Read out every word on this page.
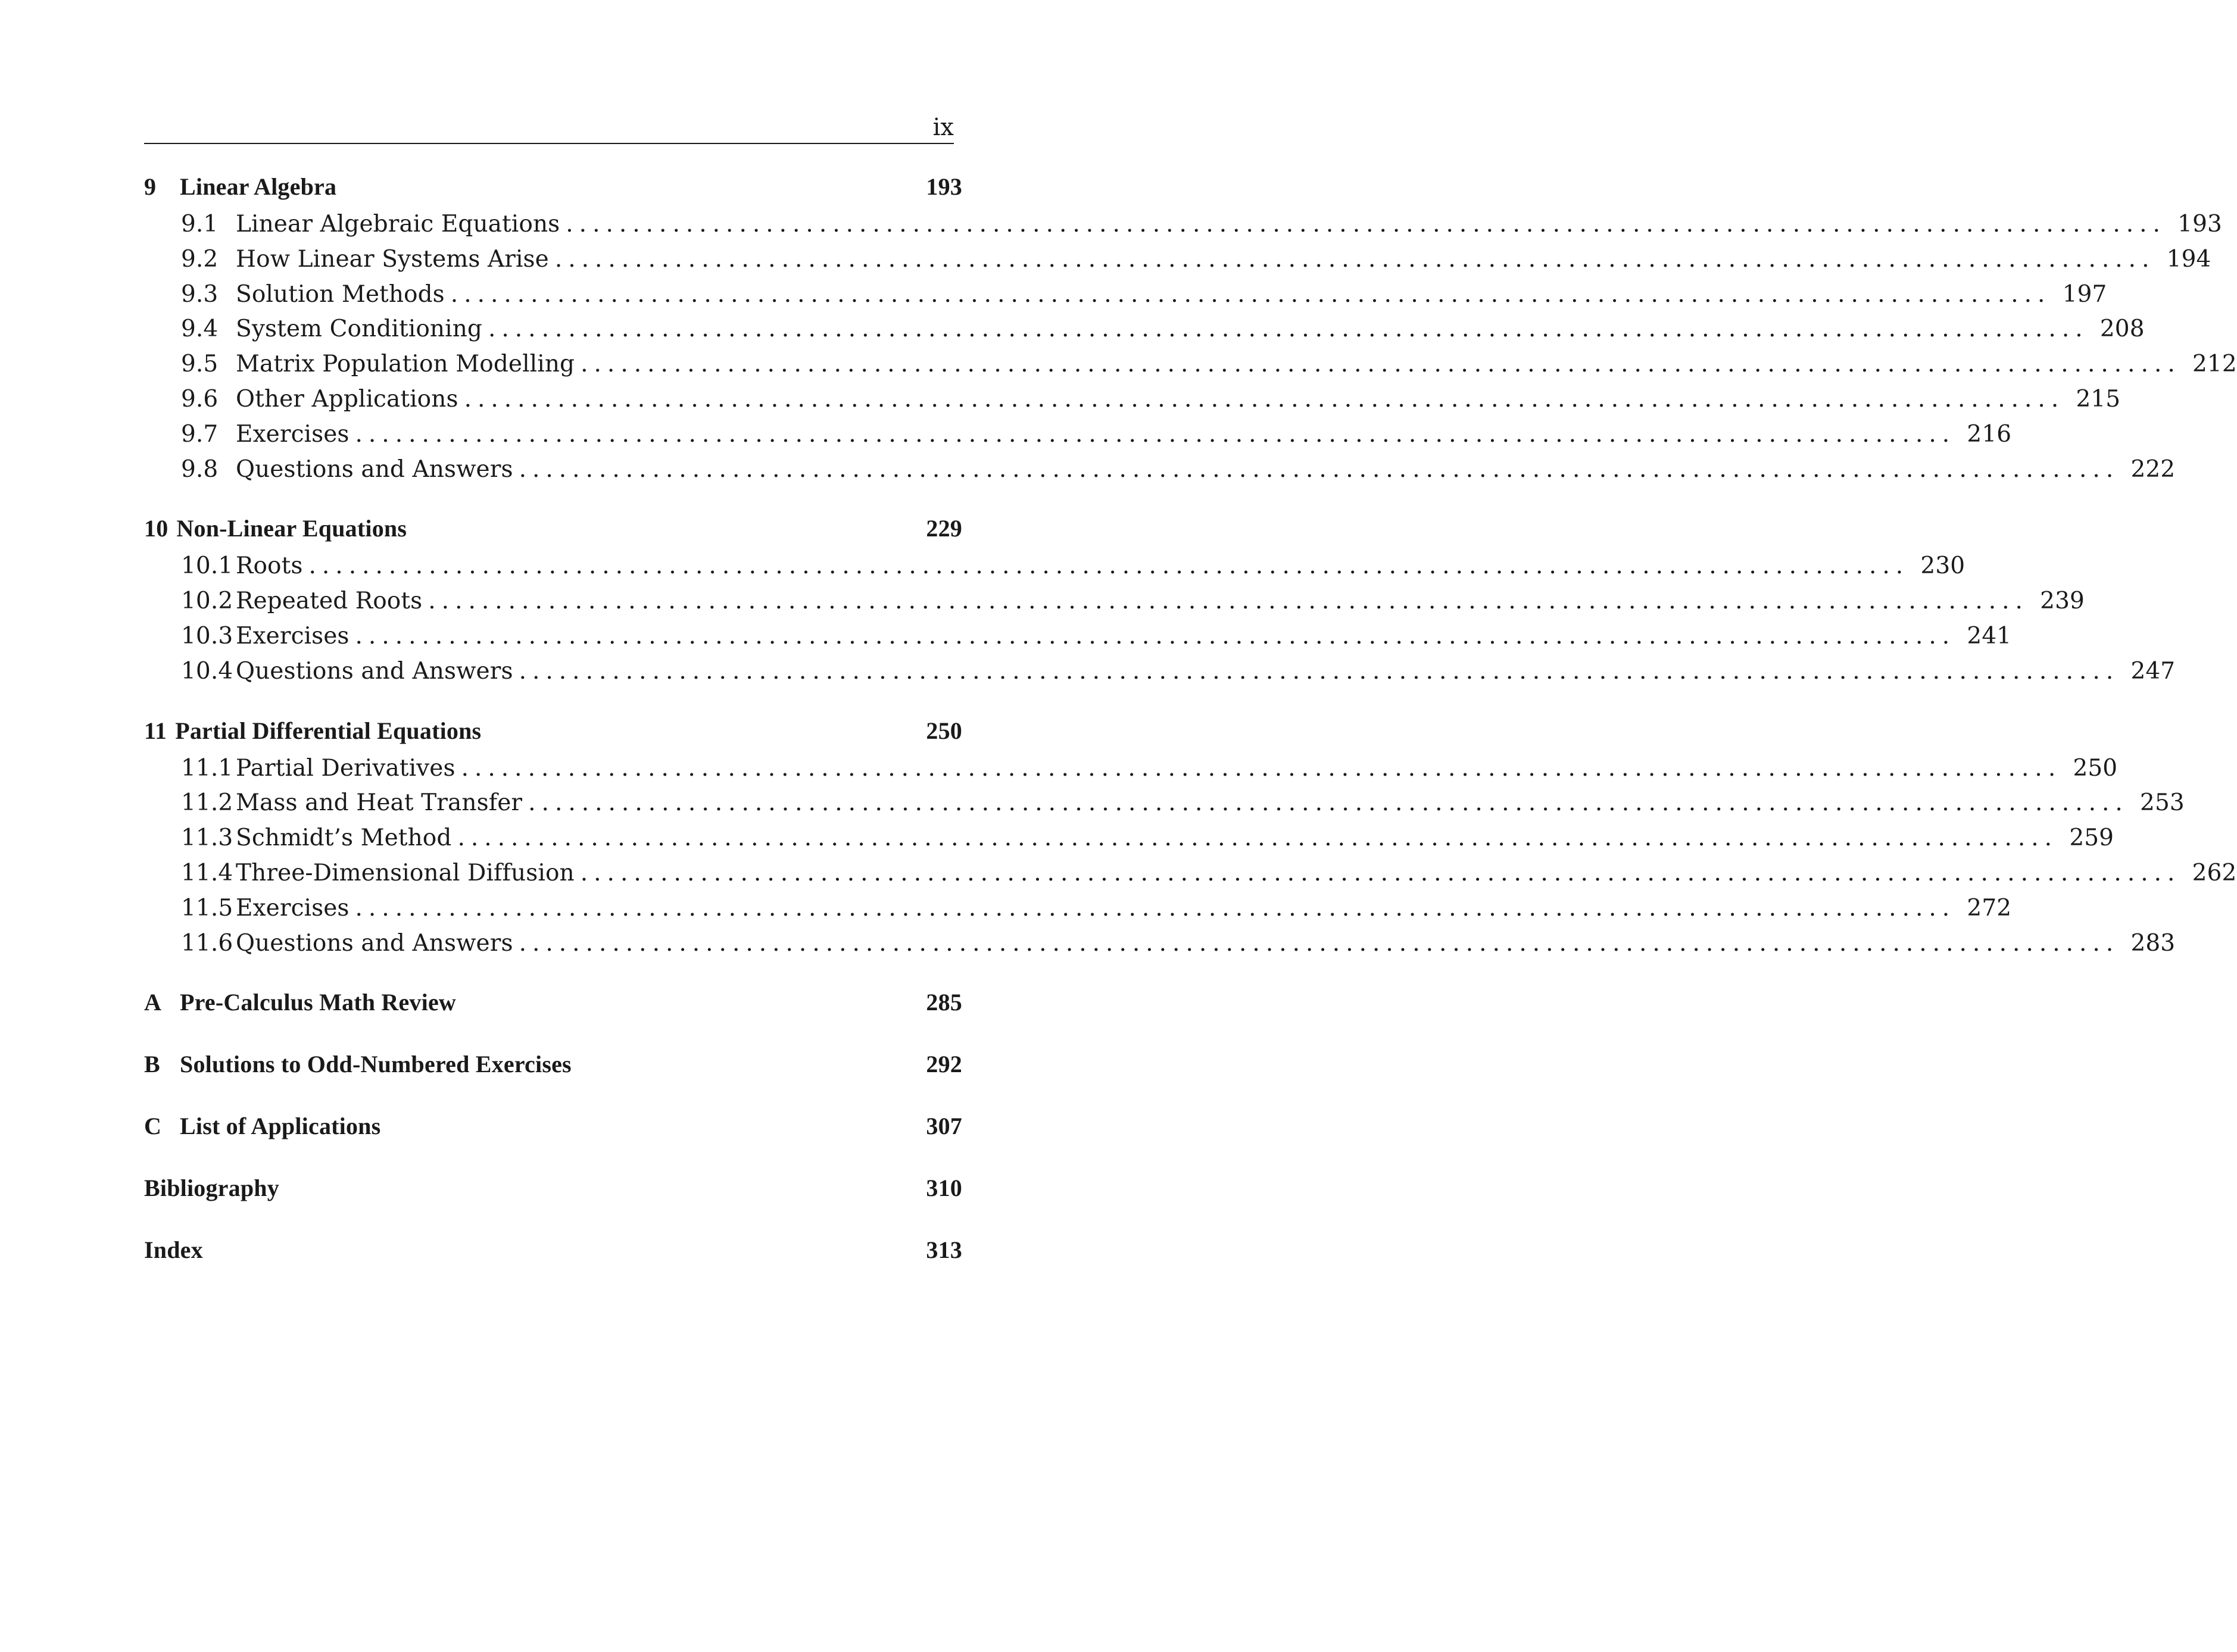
ix
9 Linear Algebra	193
9.1 Linear Algebraic Equations ........................................................................................................................ 193
9.2 How Linear Systems Arise ........................................................................................................................ 194
9.3 Solution Methods ........................................................................................................................ 197
9.4 System Conditioning ........................................................................................................................ 208
9.5 Matrix Population Modelling ........................................................................................................................ 212
9.6 Other Applications ........................................................................................................................ 215
9.7 Exercises ........................................................................................................................ 216
9.8 Questions and Answers ........................................................................................................................ 222
10 Non-Linear Equations	229
10.1 Roots ........................................................................................................................ 230
10.2 Repeated Roots ........................................................................................................................ 239
10.3 Exercises ........................................................................................................................ 241
10.4 Questions and Answers ........................................................................................................................ 247
11 Partial Differential Equations	250
11.1 Partial Derivatives ........................................................................................................................ 250
11.2 Mass and Heat Transfer ........................................................................................................................ 253
11.3 Schmidt’s Method ........................................................................................................................ 259
11.4 Three-Dimensional Diffusion ........................................................................................................................ 262
11.5 Exercises ........................................................................................................................ 272
11.6 Questions and Answers ........................................................................................................................ 283
A Pre-Calculus Math Review	285
B Solutions to Odd-Numbered Exercises	292
C List of Applications	307
Bibliography	310
Index	313
